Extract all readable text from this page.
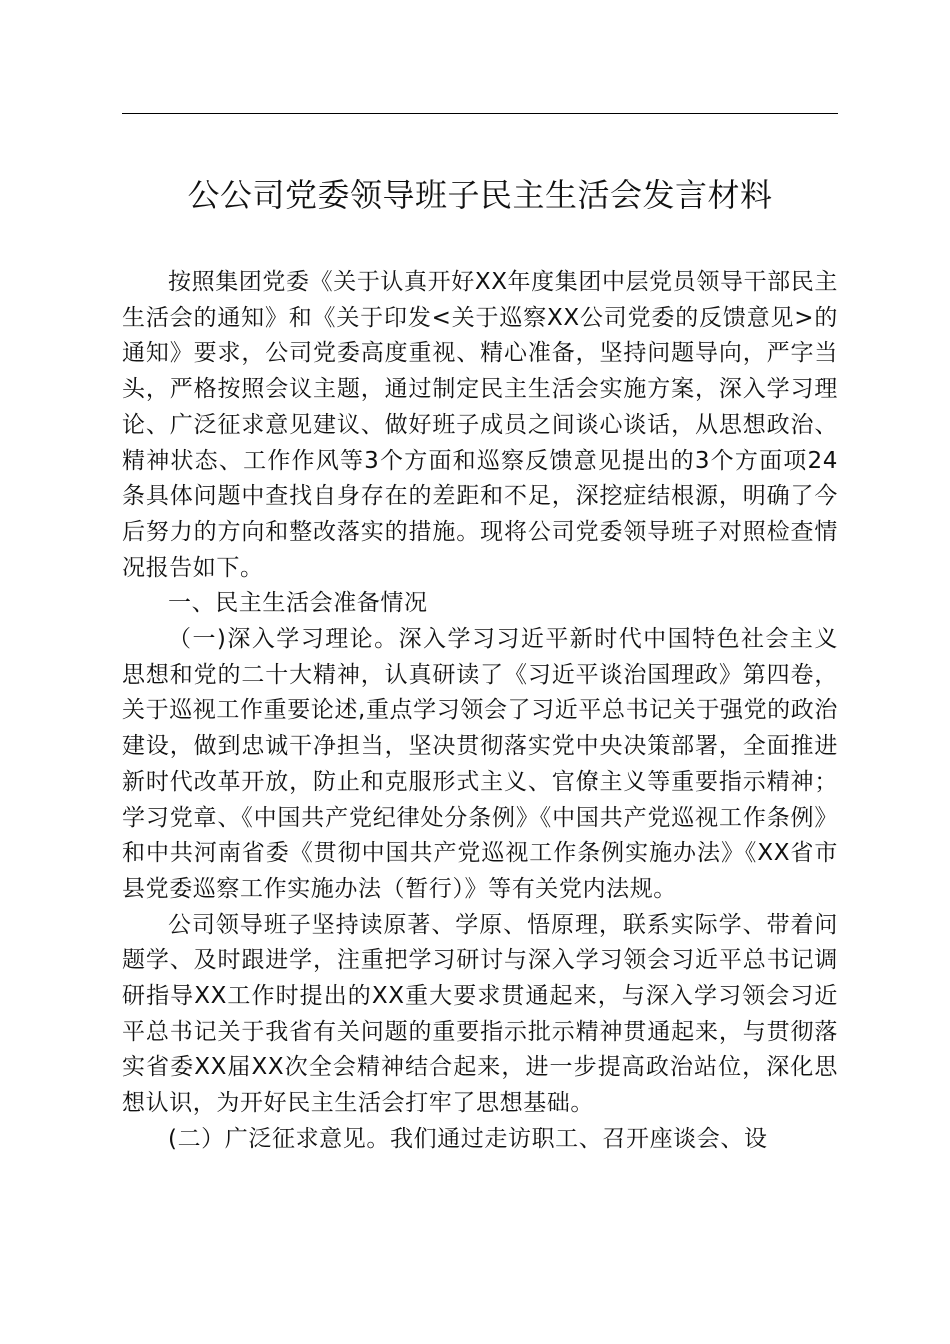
公公司党委领导班子民主生活会发言材料

按照集团党委《关于认真开好XX年度集团中层党员领导干部民主生活会的通知》和《关于印发<关于巡察XX公司党委的反馈意见>的通知》要求，公司党委高度重视、精心准备，坚持问题导向，严字当头，严格按照会议主题，通过制定民主生活会实施方案，深入学习理论、广泛征求意见建议、做好班子成员之间谈心谈话，从思想政治、精神状态、工作作风等3个方面和巡察反馈意见提出的3个方面项24条具体问题中查找自身存在的差距和不足，深挖症结根源，明确了今后努力的方向和整改落实的措施。现将公司党委领导班子对照检查情况报告如下。

一、民主生活会准备情况

（一)深入学习理论。深入学习习近平新时代中国特色社会主义思想和党的二十大精神，认真研读了《习近平谈治国理政》第四卷，关于巡视工作重要论述,重点学习领会了习近平总书记关于强党的政治建设，做到忠诚干净担当，坚决贯彻落实党中央决策部署，全面推进新时代改革开放，防止和克服形式主义、官僚主义等重要指示精神；学习党章、《中国共产党纪律处分条例》《中国共产党巡视工作条例》和中共河南省委《贯彻中国共产党巡视工作条例实施办法》《XX省市县党委巡察工作实施办法（暂行）》等有关党内法规。

公司领导班子坚持读原著、学原、悟原理，联系实际学、带着问题学、及时跟进学，注重把学习研讨与深入学习领会习近平总书记调研指导XX工作时提出的XX重大要求贯通起来，与深入学习领会习近平总书记关于我省有关问题的重要指示批示精神贯通起来，与贯彻落实省委XX届XX次全会精神结合起来，进一步提高政治站位，深化思想认识，为开好民主生活会打牢了思想基础。

(二）广泛征求意见。我们通过走访职工、召开座谈会、设
